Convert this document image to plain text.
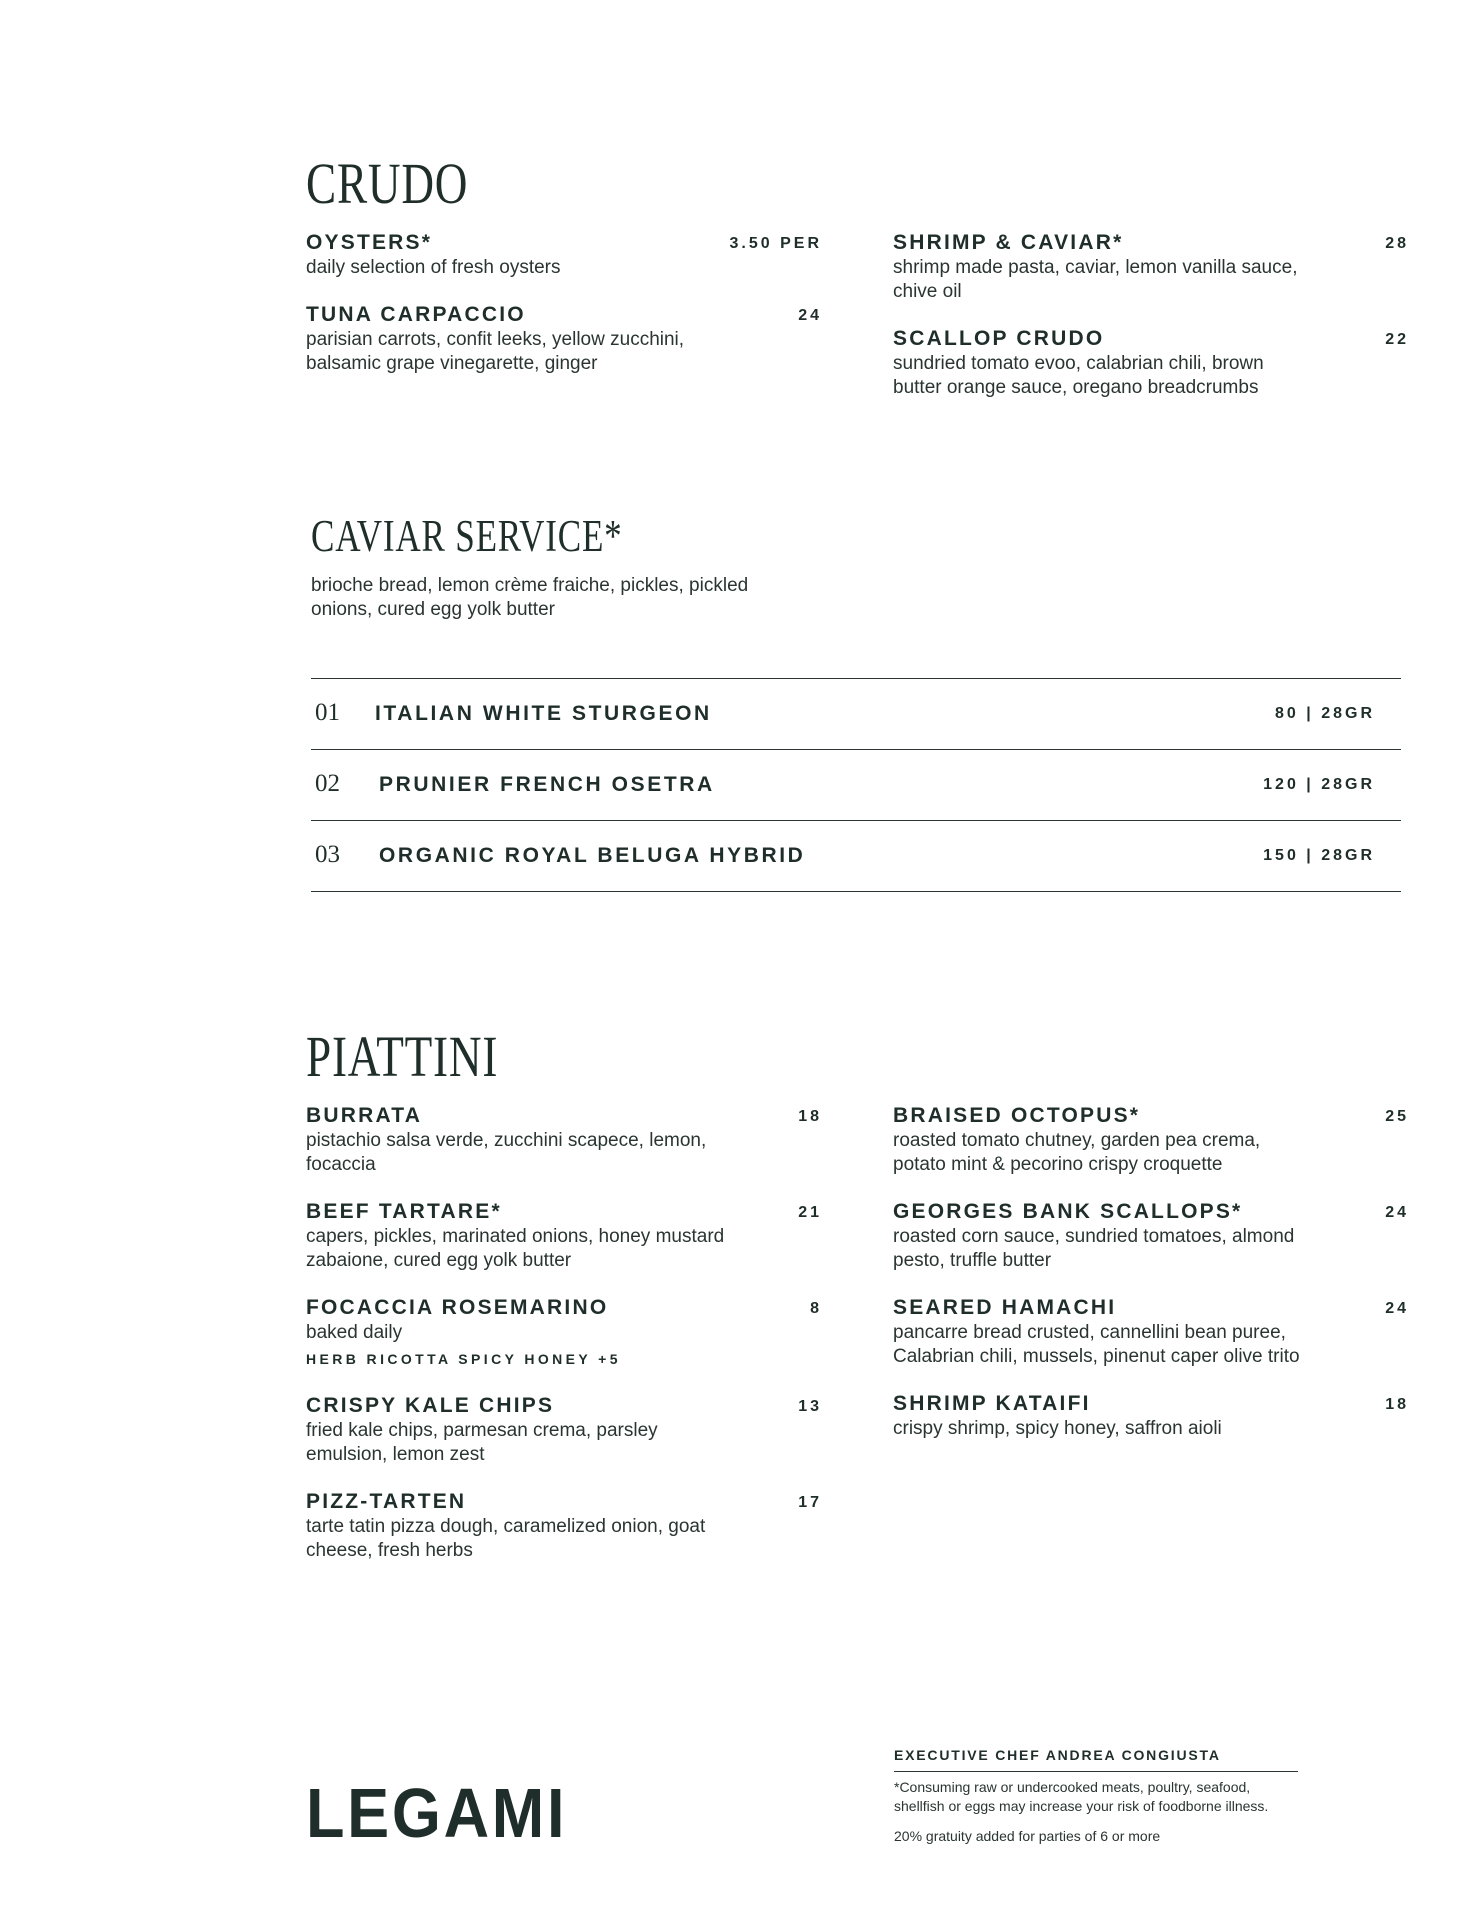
CRUDO
OYSTERS*	3.50 PER
daily selection of fresh oysters
TUNA CARPACCIO	24
parisian carrots, confit leeks, yellow zucchini, balsamic grape vinegarette, ginger
SHRIMP & CAVIAR*	28
shrimp made pasta, caviar, lemon vanilla sauce, chive oil
SCALLOP CRUDO	22
sundried tomato evoo, calabrian chili, brown butter orange sauce, oregano breadcrumbs
CAVIAR SERVICE*
brioche bread, lemon crème fraiche, pickles, pickled onions, cured egg yolk butter
01 ITALIAN WHITE STURGEON	80 | 28GR
02 PRUNIER FRENCH OSETRA	120 | 28GR
03 ORGANIC ROYAL BELUGA HYBRID	150 | 28GR
PIATTINI
BURRATA	18
pistachio salsa verde, zucchini scapece, lemon, focaccia
BEEF TARTARE*	21
capers, pickles, marinated onions, honey mustard zabaione, cured egg yolk butter
FOCACCIA ROSEMARINO	8
baked daily
HERB RICOTTA SPICY HONEY +5
CRISPY KALE CHIPS	13
fried kale chips, parmesan crema, parsley emulsion, lemon zest
PIZZ-TARTEN	17
tarte tatin pizza dough, caramelized onion, goat cheese, fresh herbs
BRAISED OCTOPUS*	25
roasted tomato chutney, garden pea crema, potato mint & pecorino crispy croquette
GEORGES BANK SCALLOPS*	24
roasted corn sauce, sundried tomatoes, almond pesto, truffle butter
SEARED HAMACHI	24
pancarre bread crusted, cannellini bean puree, Calabrian chili, mussels, pinenut caper olive trito
SHRIMP KATAIFI	18
crispy shrimp, spicy honey, saffron aioli
LEGAMI
EXECUTIVE CHEF ANDREA CONGIUSTA
*Consuming raw or undercooked meats, poultry, seafood, shellfish or eggs may increase your risk of foodborne illness.
20% gratuity added for parties of 6 or more
